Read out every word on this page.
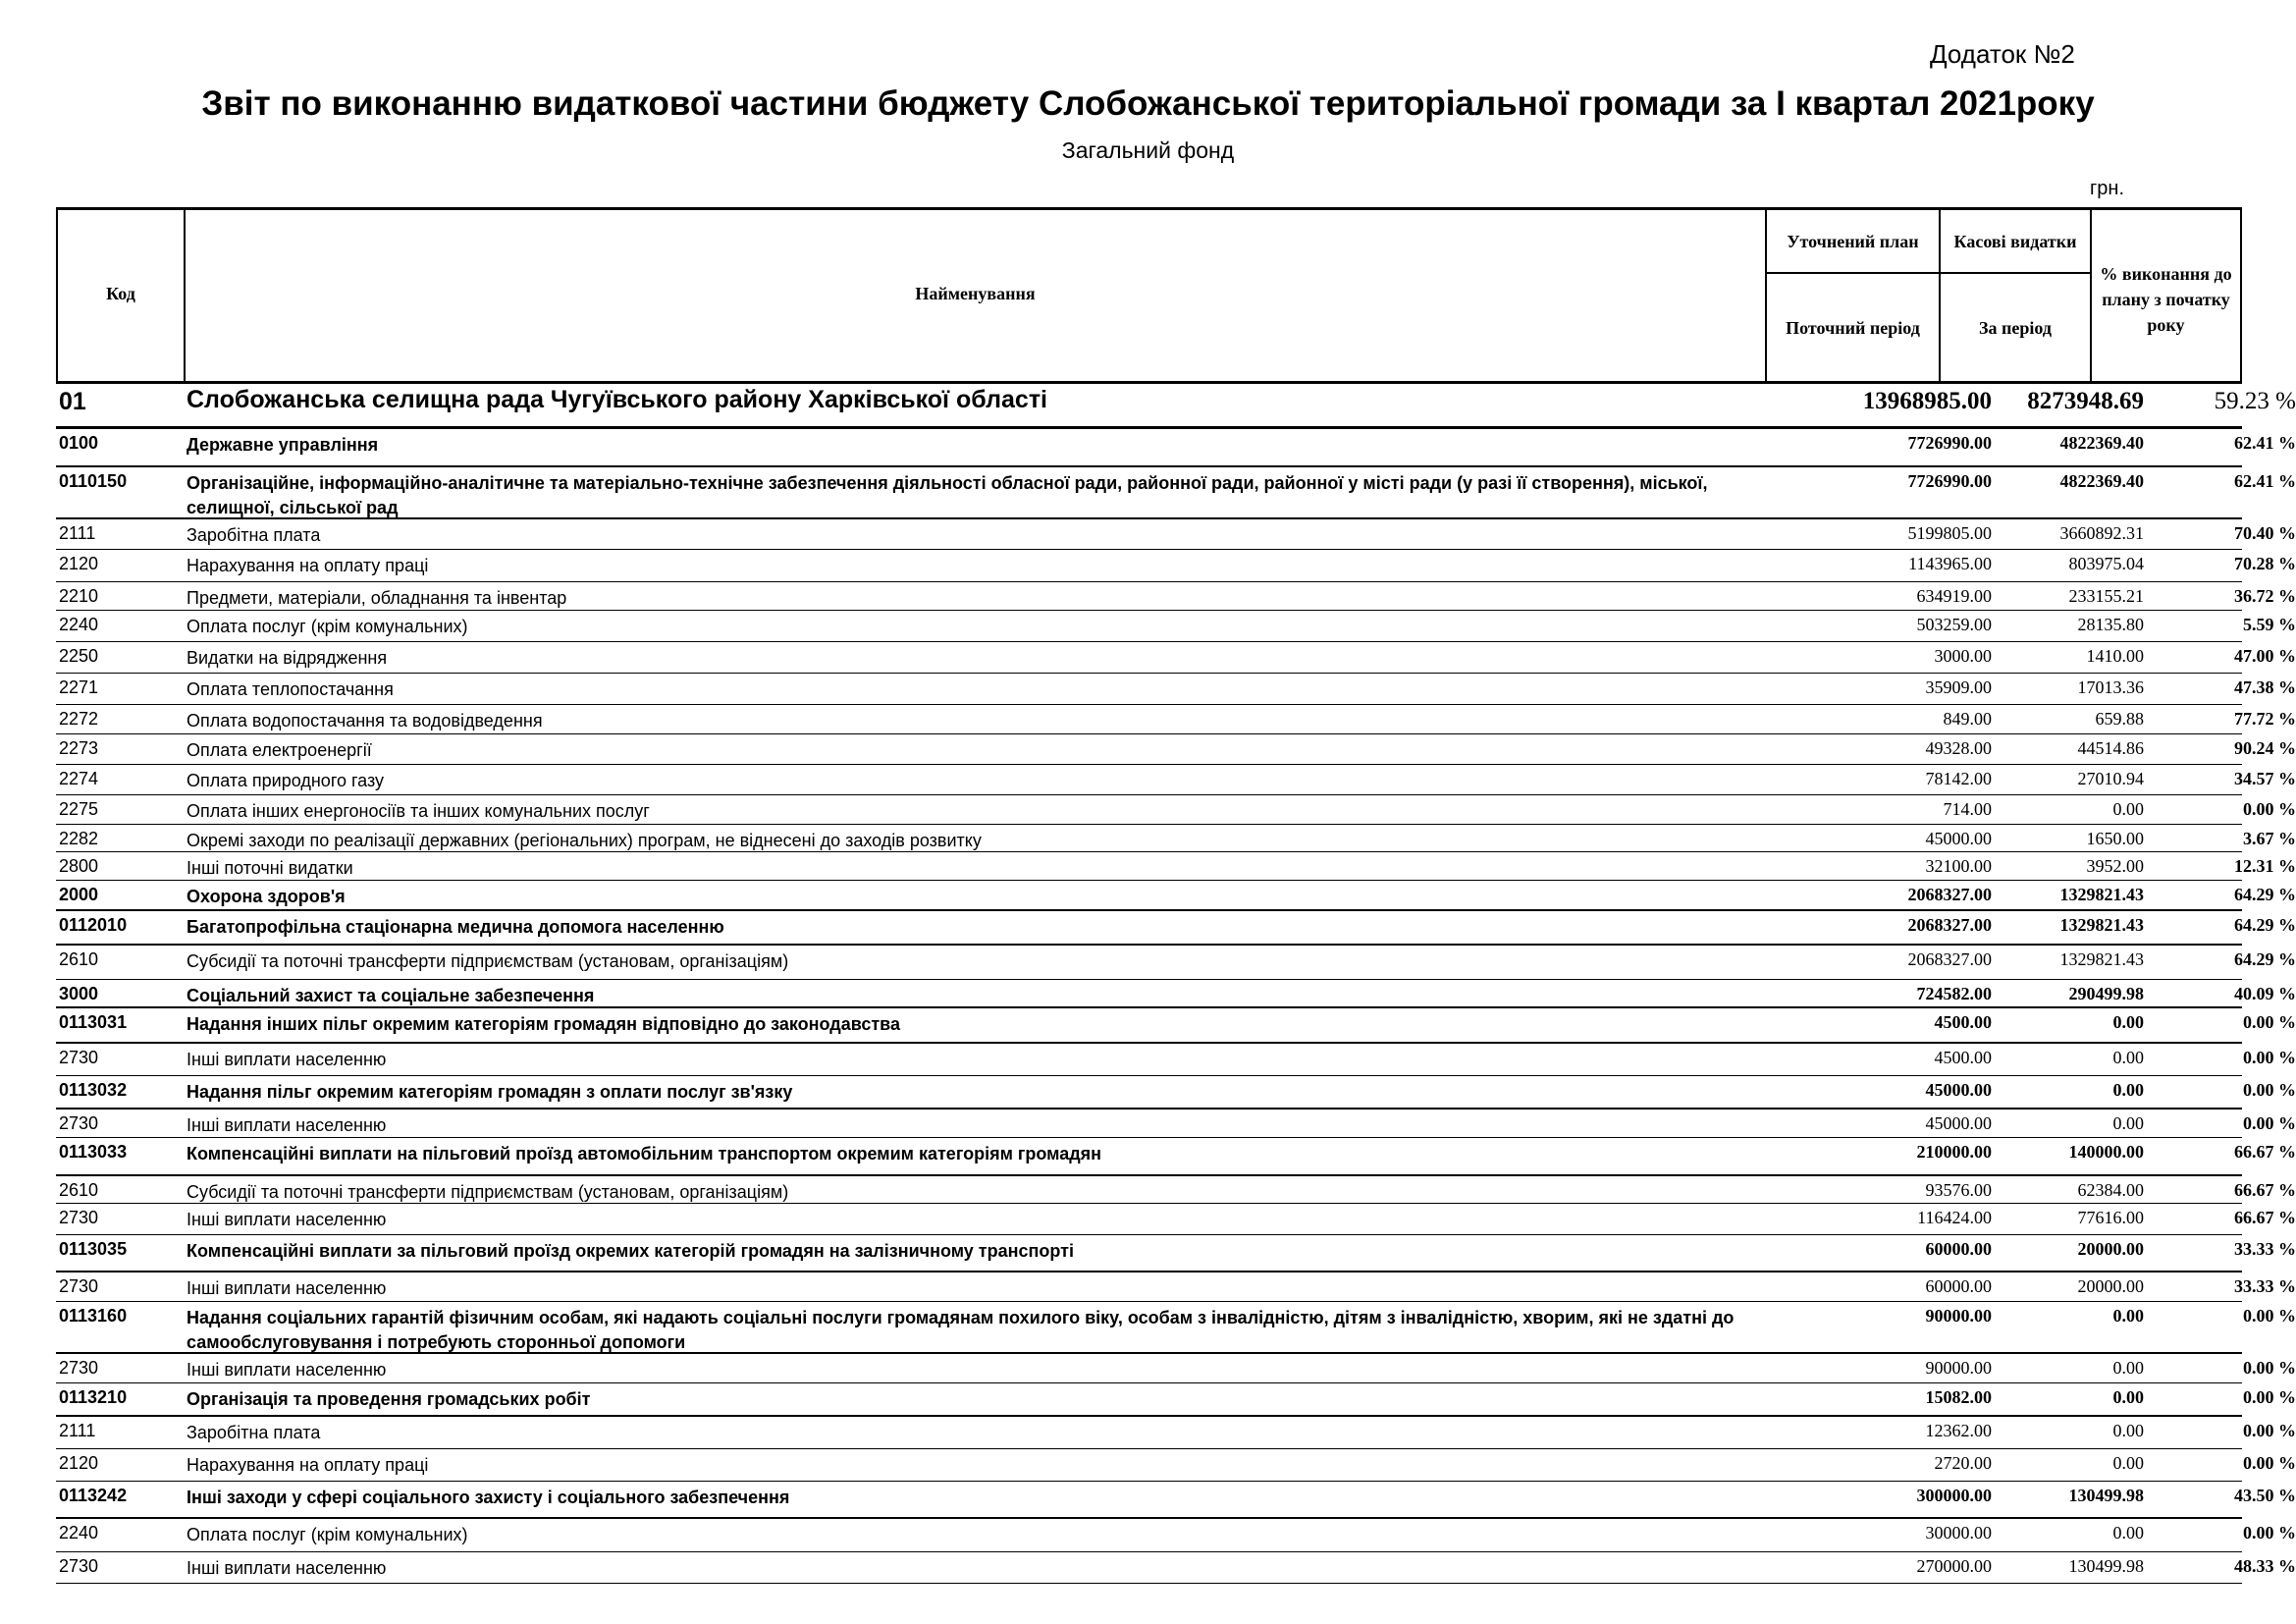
Додаток №2
Звіт по виконанню видаткової частини бюджету Слобожанської територіальної громади за І квартал 2021року
Загальний фонд
грн.
Код	Найменування
Уточнений план
Поточний період
Касові видатки
За період
% виконання до плану з початку року
01	Слобожанська селищна рада Чугуївського району Харківської області	13968985.00	8273948.69	59.23 %
0100	Державне управління	7726990.00	4822369.40	62.41 %
0110150	Організаційне, інформаційно-аналітичне та матеріально-технічне забезпечення діяльності обласної ради, районної ради, районної у місті ради (у разі її створення), міської, селищної, сільської рад
7726990.00	4822369.40	62.41 %
2111	Заробітна плата	5199805.00	3660892.31	70.40 %
2120	Нарахування на оплату праці	1143965.00	803975.04	70.28 %
2210	Предмети, матеріали, обладнання та інвентар	634919.00	233155.21	36.72 %
2240	Оплата послуг (крім комунальних)	503259.00	28135.80	5.59 %
2250	Видатки на відрядження	3000.00	1410.00	47.00 %
2271	Оплата теплопостачання	35909.00	17013.36	47.38 %
2272	Оплата водопостачання та водовідведення	849.00	659.88	77.72 %
2273	Оплата електроенергії	49328.00	44514.86	90.24 %
2274	Оплата природного газу	78142.00	27010.94	34.57 %
2275	Оплата інших енергоносіїв та інших комунальних послуг	714.00	0.00	0.00 %
2282	Окремі заходи по реалізації державних (регіональних) програм, не віднесені до заходів розвитку	45000.00	1650.00	3.67 %
2800	Інші поточні видатки	32100.00	3952.00	12.31 %
2000	Охорона здоров'я	2068327.00	1329821.43	64.29 %
0112010	Багатопрофільна стаціонарна медична допомога населенню	2068327.00	1329821.43	64.29 %
2610	Субсидії та поточні трансферти підприємствам (установам, організаціям)	2068327.00	1329821.43	64.29 %
3000	Соціальний захист та соціальне забезпечення	724582.00	290499.98	40.09 %
0113031	Надання інших пільг окремим категоріям громадян відповідно до законодавства	4500.00	0.00	0.00 %
2730	Інші виплати населенню	4500.00	0.00	0.00 %
0113032	Надання пільг окремим категоріям громадян з оплати послуг зв'язку	45000.00	0.00	0.00 %
2730	Інші виплати населенню	45000.00	0.00	0.00 %
0113033	Компенсаційні виплати на пільговий проїзд автомобільним транспортом окремим категоріям громадян	210000.00	140000.00	66.67 %
2610	Субсидії та поточні трансферти підприємствам (установам, організаціям)	93576.00	62384.00	66.67 %
2730	Інші виплати населенню	116424.00	77616.00	66.67 %
0113035	Компенсаційні виплати за пільговий проїзд окремих категорій громадян на залізничному транспорті	60000.00	20000.00	33.33 %
2730	Інші виплати населенню	60000.00	20000.00	33.33 %
0113160	Надання соціальних гарантій фізичним особам, які надають соціальні послуги громадянам похилого віку, особам з інвалідністю, дітям з інвалідністю, хворим, які не здатні до самообслуговування і потребують сторонньої допомоги
90000.00	0.00	0.00 %
2730	Інші виплати населенню	90000.00	0.00	0.00 %
0113210	Організація та проведення громадських робіт	15082.00	0.00	0.00 %
2111	Заробітна плата	12362.00	0.00	0.00 %
2120	Нарахування на оплату праці	2720.00	0.00	0.00 %
0113242	Інші заходи у сфері соціального захисту і соціального забезпечення	300000.00	130499.98	43.50 %
2240	Оплата послуг (крім комунальних)	30000.00	0.00	0.00 %
2730	Інші виплати населенню	270000.00	130499.98	48.33 %
